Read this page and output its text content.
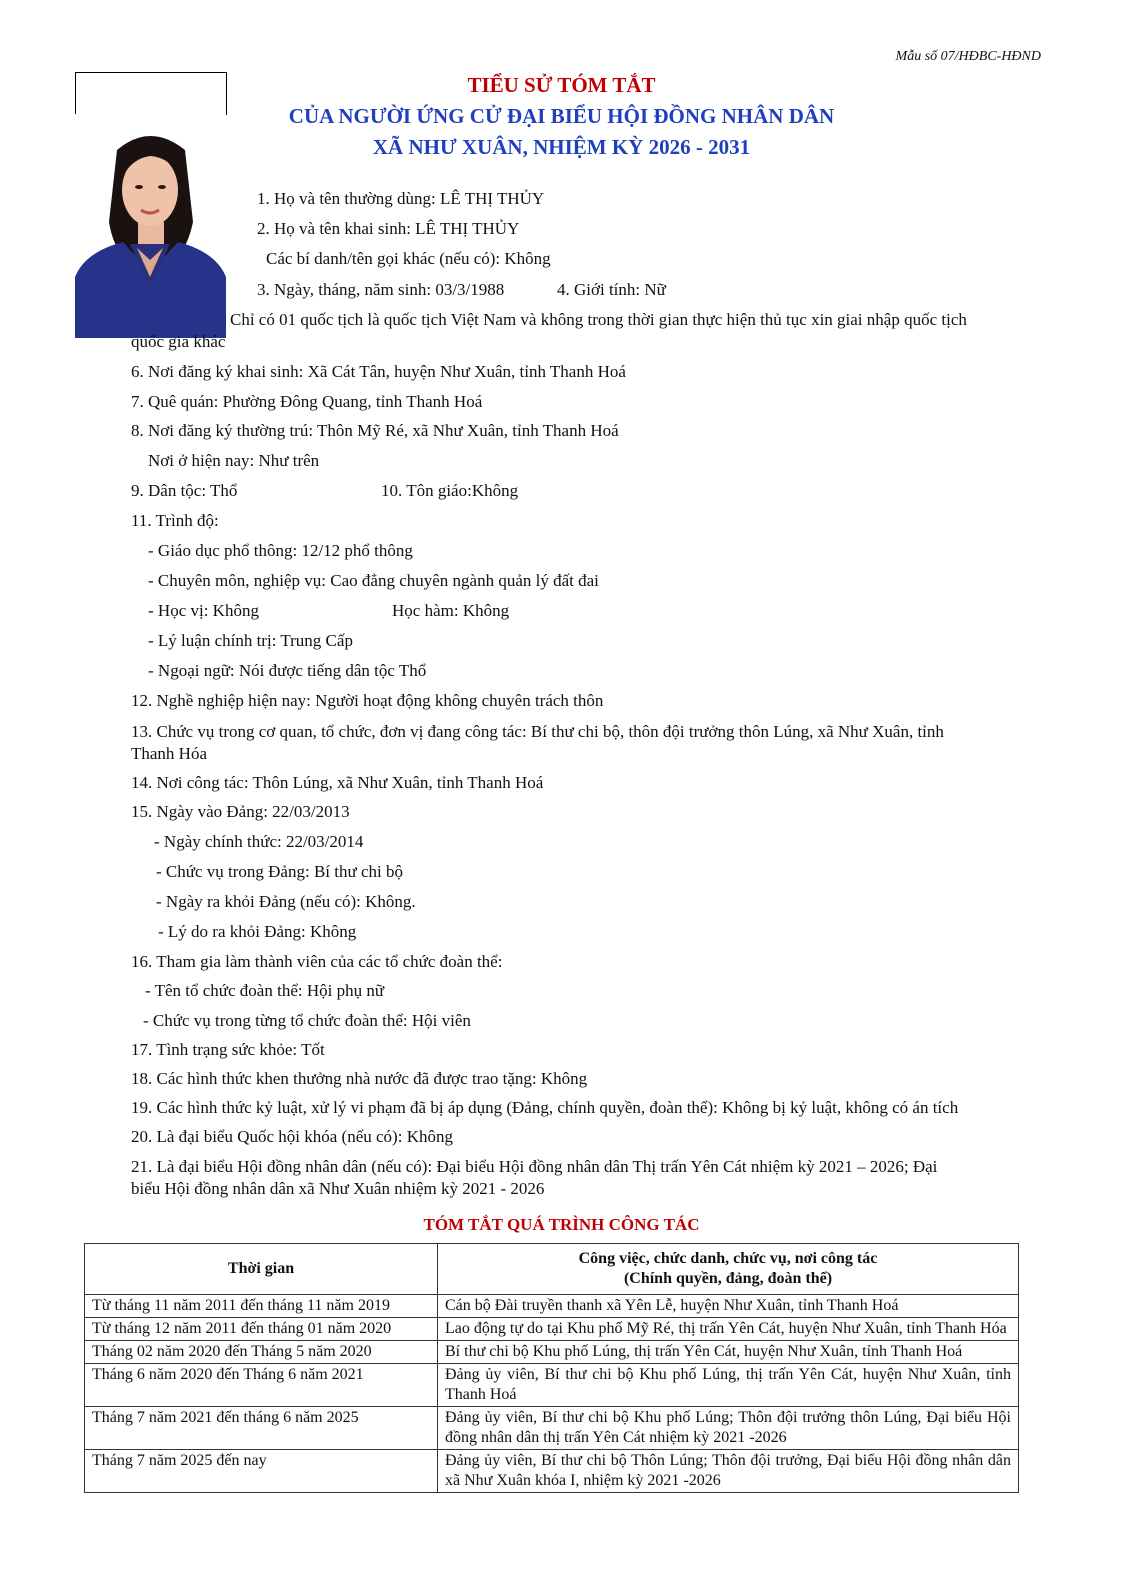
Mẫu số 07/HĐBC-HĐND
TIỂU SỬ TÓM TẮT
CỦA NGƯỜI ỨNG CỬ ĐẠI BIỂU HỘI ĐỒNG NHÂN DÂN
XÃ NHƯ XUÂN, NHIỆM KỲ 2026 - 2031
1. Họ và tên thường dùng: LÊ THỊ THỦY
2. Họ và tên khai sinh: LÊ THỊ THỦY
Các bí danh/tên gọi khác (nếu có): Không
3. Ngày, tháng, năm sinh: 03/3/1988	4. Giới tính: Nữ
Chỉ có 01 quốc tịch là quốc tịch Việt Nam và không trong thời gian thực hiện thủ tục xin giai nhập quốc tịch
quốc gia khác
6. Nơi đăng ký khai sinh: Xã Cát Tân, huyện Như Xuân, tỉnh Thanh Hoá
7. Quê quán: Phường Đông Quang, tỉnh Thanh Hoá
8. Nơi đăng ký thường trú: Thôn Mỹ Ré, xã Như Xuân, tỉnh Thanh Hoá
Nơi ở hiện nay: Như trên
9. Dân tộc: Thổ	10. Tôn giáo:Không
11. Trình độ:
- Giáo dục phổ thông: 12/12 phổ thông
- Chuyên môn, nghiệp vụ: Cao đẳng chuyên ngành quản lý đất đai
- Học vị: Không	Học hàm: Không
- Lý luận chính trị: Trung Cấp
- Ngoại ngữ: Nói được tiếng dân tộc Thổ
12. Nghề nghiệp hiện nay: Người hoạt động không chuyên trách thôn
13. Chức vụ trong cơ quan, tổ chức, đơn vị đang công tác: Bí thư chi bộ, thôn đội trưởng thôn Lúng, xã Như Xuân, tỉnh
Thanh Hóa
14. Nơi công tác: Thôn Lúng, xã Như Xuân, tỉnh Thanh Hoá
15. Ngày vào Đảng: 22/03/2013
- Ngày chính thức: 22/03/2014
- Chức vụ trong Đảng: Bí thư chi bộ
- Ngày ra khỏi Đảng (nếu có): Không.
- Lý do ra khỏi Đảng: Không
16. Tham gia làm thành viên của các tổ chức đoàn thể:
- Tên tổ chức đoàn thể: Hội phụ nữ
- Chức vụ trong từng tổ chức đoàn thể: Hội viên
17. Tình trạng sức khỏe: Tốt
18. Các hình thức khen thưởng nhà nước đã được trao tặng: Không
19. Các hình thức kỷ luật, xử lý vi phạm đã bị áp dụng (Đảng, chính quyền, đoàn thể): Không bị kỷ luật, không có án tích
20. Là đại biểu Quốc hội khóa (nếu có): Không
21. Là đại biểu Hội đồng nhân dân (nếu có): Đại biểu Hội đồng nhân dân Thị trấn Yên Cát nhiệm kỳ 2021 – 2026; Đại
biểu Hội đồng nhân dân xã Như Xuân nhiệm kỳ 2021 - 2026
TÓM TẮT QUÁ TRÌNH CÔNG TÁC
Thời gian	Công việc, chức danh, chức vụ, nơi công tác
(Chính quyền, đảng, đoàn thể)

Từ tháng 11 năm 2011 đến tháng 11 năm 2019	Cán bộ Đài truyền thanh xã Yên Lễ, huyện Như Xuân, tỉnh Thanh Hoá
Từ tháng 12 năm 2011 đến tháng 01 năm 2020	Lao động tự do tại Khu phố Mỹ Ré, thị trấn Yên Cát, huyện Như Xuân, tỉnh Thanh Hóa
Tháng 02 năm 2020 đến Tháng 5 năm 2020	Bí thư chi bộ Khu phố Lúng, thị trấn Yên Cát, huyện Như Xuân, tỉnh Thanh Hoá
Tháng 6 năm 2020 đến Tháng 6 năm 2021	Đảng ủy viên, Bí thư chi bộ Khu phố Lúng, thị trấn Yên Cát, huyện Như Xuân, tỉnh Thanh Hoá
Tháng 7 năm 2021 đến tháng 6 năm 2025	Đảng ủy viên, Bí thư chi bộ Khu phố Lúng; Thôn đội trưởng thôn Lúng, Đại biểu Hội đồng nhân dân thị trấn Yên Cát nhiệm kỳ 2021 -2026
Tháng 7 năm 2025 đến nay	Đảng ủy viên, Bí thư chi bộ Thôn Lúng; Thôn đội trưởng, Đại biểu Hội đồng nhân dân xã Như Xuân khóa I, nhiệm kỳ 2021 -2026
